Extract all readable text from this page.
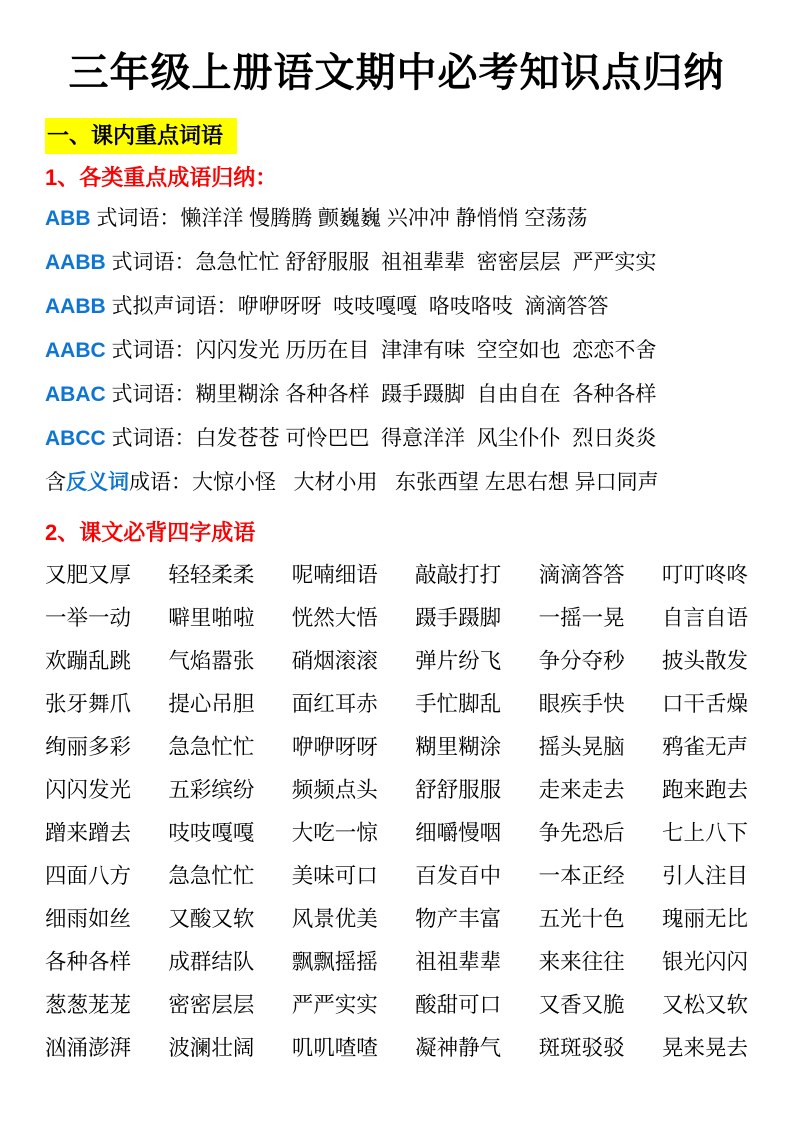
三年级上册语文期中必考知识点归纳
一、课内重点词语
1、各类重点成语归纳：
ABB 式词语：懒洋洋 慢腾腾 颤巍巍 兴冲冲 静悄悄 空荡荡
AABB 式词语：急急忙忙 舒舒服服  祖祖辈辈  密密层层  严严实实
AABB 式拟声词语：咿咿呀呀  吱吱嘎嘎  咯吱咯吱  滴滴答答
AABC 式词语：闪闪发光 历历在目  津津有味  空空如也  恋恋不舍
ABAC 式词语：糊里糊涂 各种各样  蹑手蹑脚  自由自在  各种各样
ABCC 式词语：白发苍苍 可怜巴巴  得意洋洋  风尘仆仆  烈日炎炎
含反义词成语：大惊小怪   大材小用   东张西望 左思右想 异口同声
2、课文必背四字成语
又肥又厚 轻轻柔柔 呢喃细语 敲敲打打 滴滴答答 叮叮咚咚
一举一动 噼里啪啦 恍然大悟 蹑手蹑脚 一摇一晃 自言自语
欢蹦乱跳 气焰嚣张 硝烟滚滚 弹片纷飞 争分夺秒 披头散发
张牙舞爪 提心吊胆 面红耳赤 手忙脚乱 眼疾手快 口干舌燥
绚丽多彩 急急忙忙 咿咿呀呀 糊里糊涂 摇头晃脑 鸦雀无声
闪闪发光 五彩缤纷 频频点头 舒舒服服 走来走去 跑来跑去
蹭来蹭去 吱吱嘎嘎 大吃一惊 细嚼慢咽 争先恐后 七上八下
四面八方 急急忙忙 美味可口 百发百中 一本正经 引人注目
细雨如丝 又酸又软 风景优美 物产丰富 五光十色 瑰丽无比
各种各样 成群结队 飘飘摇摇 祖祖辈辈 来来往往 银光闪闪
葱葱茏茏 密密层层 严严实实 酸甜可口 又香又脆 又松又软
汹涌澎湃 波澜壮阔 叽叽喳喳 凝神静气 斑斑驳驳 晃来晃去
